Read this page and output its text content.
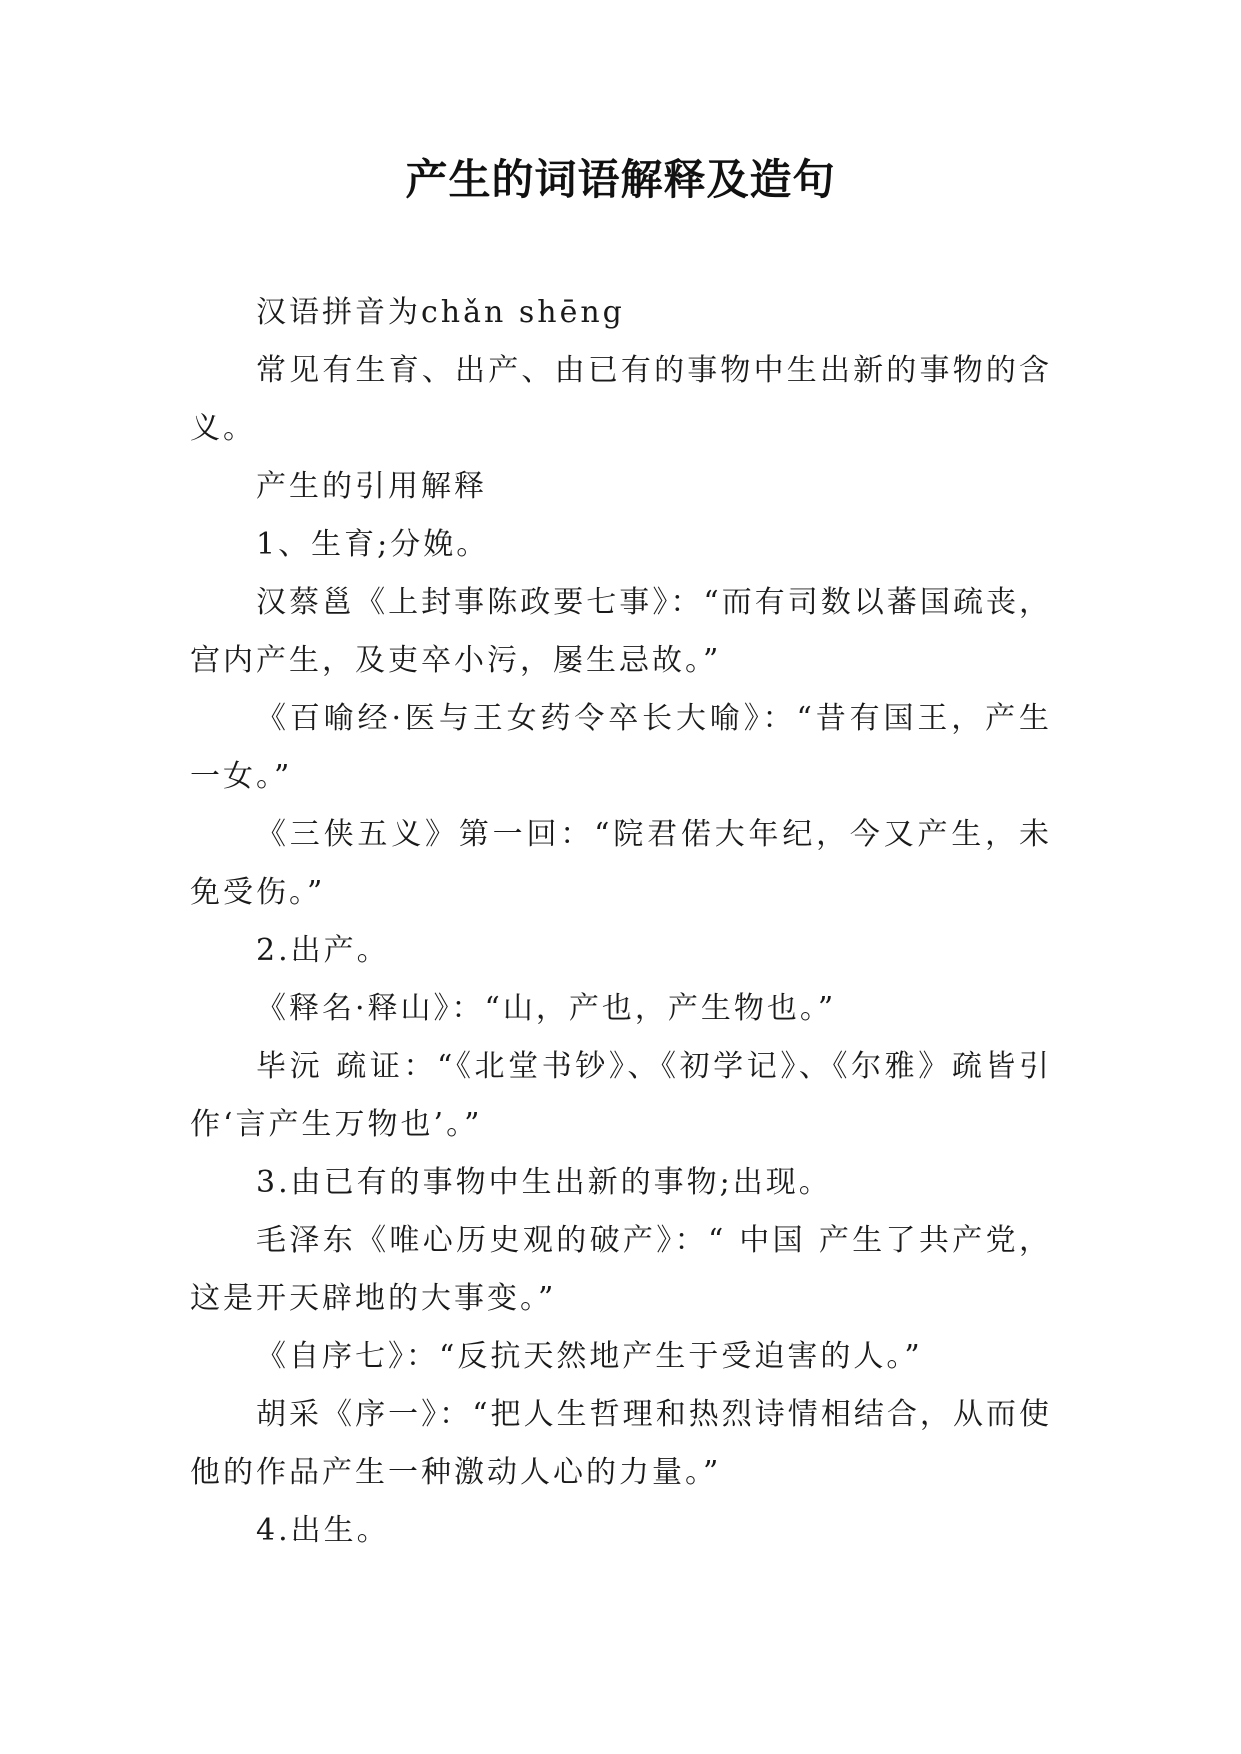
产生的词语解释及造句

汉语拼音为chǎn shēng

常见有生育、出产、由已有的事物中生出新的事物的含义。

产生的引用解释

1、生育;分娩。

汉蔡邕《上封事陈政要七事》：“而有司数以蕃国疏丧，宫内产生，及吏卒小污，屡生忌故。”

《百喻经·医与王女药令卒长大喻》：“昔有国王，产生一女。”

《三侠五义》第一回：“院君偌大年纪，今又产生，未免受伤。”

2.出产。

《释名·释山》：“山，产也，产生物也。”

毕沅 疏证：“《北堂书钞》、《初学记》、《尔雅》疏皆引作‘言产生万物也’。”

3.由已有的事物中生出新的事物;出现。

毛泽东《唯心历史观的破产》：“ 中国 产生了共产党，这是开天辟地的大事变。”

《自序七》：“反抗天然地产生于受迫害的人。”

胡采《序一》：“把人生哲理和热烈诗情相结合，从而使他的作品产生一种激动人心的力量。”

4.出生。
